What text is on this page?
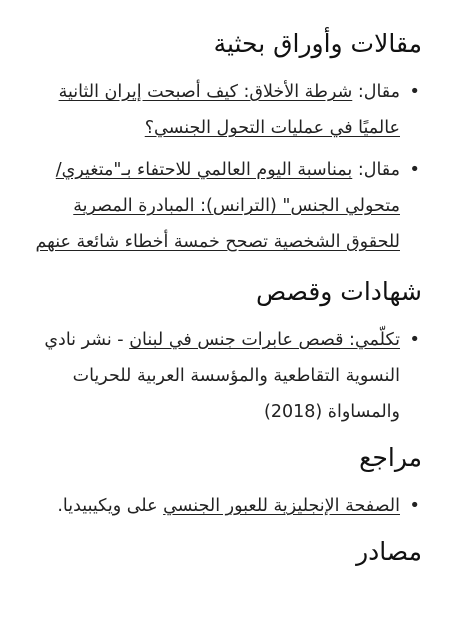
مقالات وأوراق بحثية
• مقال: شرطة الأخلاق: كيف أصبحت إيران الثانية عالميًا في عمليات التحول الجنسي؟
• مقال: بمناسبة اليوم العالمي للاحتفاء بـ"متغيري/ متحولي الجنس" (الترانس): المبادرة المصرية للحقوق الشخصية تصحح خمسة أخطاء شائعة عنهم
شهادات وقصص
• تكلّمي: قصص عابرات جنس في لبنان - نشر نادي النسوية التقاطعية والمؤسسة العربية للحريات والمساواة (2018)
مراجع
• الصفحة الإنجليزية للعبور الجنسي على ويكيبيديا.
مصادر
